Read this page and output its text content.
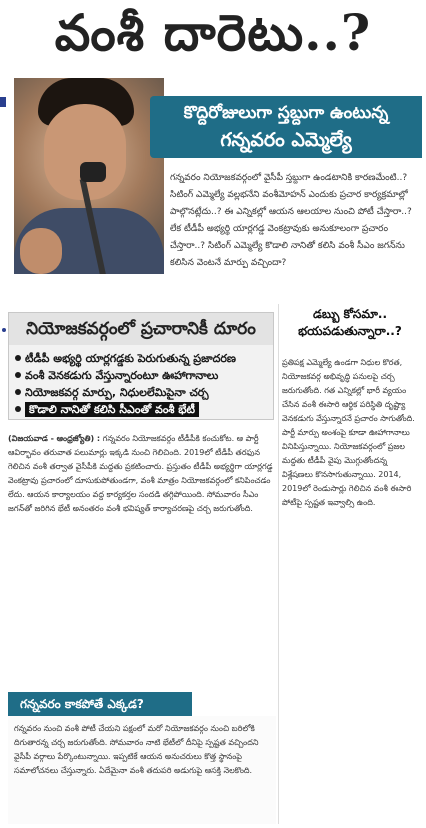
వంశీ దారెటు..?
కొద్దిరోజులుగా స్తబ్దుగా ఉంటున్న
గన్నవరం ఎమ్మెల్యే
గన్నవరం నియోజకవర్గంలో వైసీపీ స్తబ్దుగా ఉండటానికి కారణమేంటి..? సిటింగ్ ఎమ్మెల్యే వల్లభనేని వంశీమోహన్ ఎందుకు ప్రచార కార్యక్రమాల్లో పాల్గొనట్లేదు..? ఈ ఎన్నికల్లో ఆయన ఆలయాల నుంచి పోటీ చేస్తారా..? లేక టీడీపీ అభ్యర్థి యార్లగడ్డ వెంకట్రావుకు అనుకూలంగా ప్రచారం చేస్తారా..? సిటింగ్ ఎమ్మెల్యే కొడాలి నానితో కలిసి వంశీ సీఎం జగన్‌ను కలిసిన వెంటనే మార్పు వచ్చిందా?
నియోజకవర్గంలో ప్రచారానికీ దూరం
టీడీపీ అభ్యర్థి యార్లగడ్డకు పెరుగుతున్న ప్రజాదరణ
వంశీ వెనకడుగు వేస్తున్నారంటూ ఊహాగానాలు
నియోజకవర్గ మార్పు, నిధులలేమిపైనా చర్చ
కొడాలి నానితో కలిసి సీఎంతో వంశీ భేటీ
డబ్బు కోసమా..
భయపడుతున్నారా..?
ప్రతిపక్ష ఎమ్మెల్యే ఉండగా నిధుల కొరత, నియోజకవర్గ అభివృద్ధి పనులపై చర్చ జరుగుతోంది. గత ఎన్నికల్లో భారీ వ్యయం చేసిన వంశీ ఈసారి ఆర్థిక పరిస్థితి దృష్ట్యా వెనకడుగు వేస్తున్నారనే ప్రచారం సాగుతోంది. పార్టీ మార్పు అంశంపై కూడా ఊహాగానాలు వినిపిస్తున్నాయి. నియోజకవర్గంలో ప్రజల మద్దతు టీడీపీ వైపు మొగ్గుతోందన్న విశ్లేషణలు కొనసాగుతున్నాయి. 2014, 2019లో రెండుసార్లు గెలిచిన వంశీ ఈసారి పోటీపై స్పష్టత ఇవ్వాల్సి ఉంది.
(విజయవాడ - ఆంధ్రజ్యోతి) : గన్నవరం నియోజకవర్గం టీడీపీకి కంచుకోట. ఆ పార్టీ ఆవిర్భావం తరువాత పలుమార్లు ఇక్కడి నుంచి గెలిచింది. 2019లో టీడీపీ తరఫున గెలిచిన వంశీ తర్వాత వైసీపీకి మద్దతు ప్రకటించారు. ప్రస్తుతం టీడీపీ అభ్యర్థిగా యార్లగడ్డ వెంకట్రావు ప్రచారంలో దూసుకుపోతుండగా, వంశీ మాత్రం నియోజకవర్గంలో కనిపించడం లేదు. ఆయన కార్యాలయం వద్ద కార్యకర్తల సందడి తగ్గిపోయింది. సోమవారం సీఎం జగన్‌తో జరిగిన భేటీ అనంతరం వంశీ భవిష్యత్ కార్యాచరణపై చర్చ జరుగుతోంది.
గన్నవరం కాకపోతే ఎక్కడ?
గన్నవరం నుంచి వంశీ పోటీ చేయని పక్షంలో మరో నియోజకవర్గం నుంచి బరిలోకి దిగుతారన్న చర్చ జరుగుతోంది. సోమవారం నాటి భేటీలో దీనిపై స్పష్టత వచ్చిందని వైసీపీ వర్గాలు పేర్కొంటున్నాయి. ఇప్పటికే ఆయన అనుచరులు కొత్త స్థానంపై సమాలోచనలు చేస్తున్నారు. ఏదేమైనా వంశీ తదుపరి అడుగుపై ఆసక్తి నెలకొంది.
